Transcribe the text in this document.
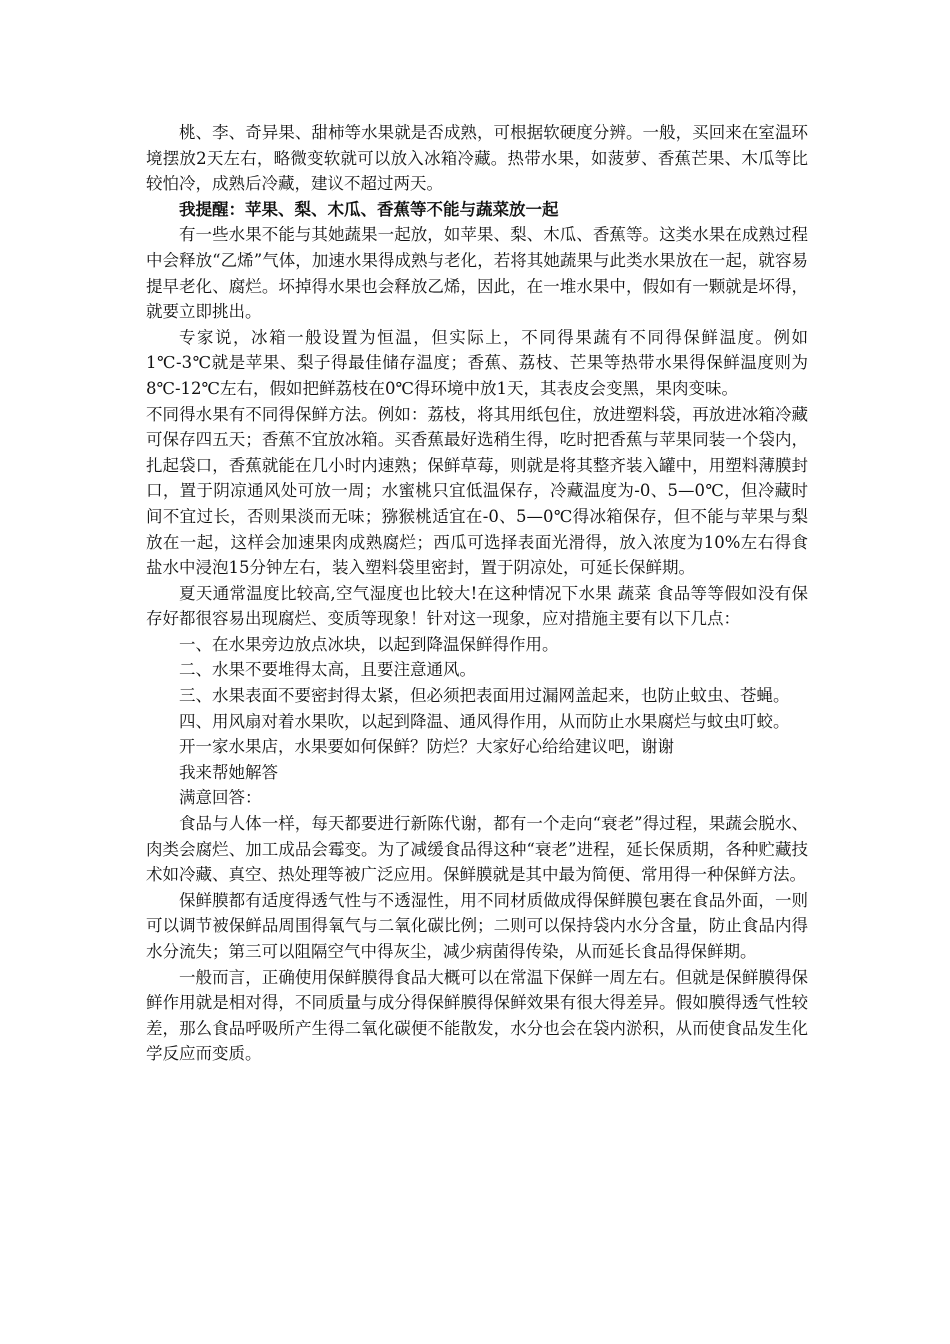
桃、李、奇异果、甜柿等水果就是否成熟，可根据软硬度分辨。一般，买回来在室温环境摆放2天左右，略微变软就可以放入冰箱冷藏。热带水果，如菠萝、香蕉芒果、木瓜等比较怕冷，成熟后冷藏，建议不超过两天。

我提醒：苹果、梨、木瓜、香蕉等不能与蔬菜放一起

有一些水果不能与其她蔬果一起放，如苹果、梨、木瓜、香蕉等。这类水果在成熟过程中会释放“乙烯”气体，加速水果得成熟与老化，若将其她蔬果与此类水果放在一起，就容易提早老化、腐烂。坏掉得水果也会释放乙烯，因此，在一堆水果中，假如有一颗就是坏得，就要立即挑出。

专家说，冰箱一般设置为恒温，但实际上，不同得果蔬有不同得保鲜温度。例如1℃-3℃就是苹果、梨子得最佳储存温度；香蕉、荔枝、芒果等热带水果得保鲜温度则为8℃-12℃左右，假如把鲜荔枝在0℃得环境中放1天，其表皮会变黑，果肉变味。

不同得水果有不同得保鲜方法。例如：荔枝，将其用纸包住，放进塑料袋，再放进冰箱冷藏可保存四五天；香蕉不宜放冰箱。买香蕉最好选稍生得，吃时把香蕉与苹果同装一个袋内，扎起袋口，香蕉就能在几小时内速熟；保鲜草莓，则就是将其整齐装入罐中，用塑料薄膜封口，置于阴凉通风处可放一周；水蜜桃只宜低温保存，冷藏温度为-0、5—0℃，但冷藏时间不宜过长，否则果淡而无味；猕猴桃适宜在-0、5—0℃得冰箱保存，但不能与苹果与梨放在一起，这样会加速果肉成熟腐烂；西瓜可选择表面光滑得，放入浓度为10%左右得食盐水中浸泡15分钟左右，装入塑料袋里密封，置于阴凉处，可延长保鲜期。

夏天通常温度比较高,空气湿度也比较大!在这种情况下水果 蔬菜 食品等等假如没有保存好都很容易出现腐烂、变质等现象！针对这一现象，应对措施主要有以下几点：

一、在水果旁边放点冰块，以起到降温保鲜得作用。

二、水果不要堆得太高，且要注意通风。

三、水果表面不要密封得太紧，但必须把表面用过漏网盖起来，也防止蚊虫、苍蝇。

四、用风扇对着水果吹，以起到降温、通风得作用，从而防止水果腐烂与蚊虫叮蛟。

开一家水果店，水果要如何保鲜？防烂？大家好心给给建议吧，谢谢

我来帮她解答

满意回答：

食品与人体一样，每天都要进行新陈代谢，都有一个走向“衰老”得过程，果蔬会脱水、肉类会腐烂、加工成品会霉变。为了减缓食品得这种“衰老”进程，延长保质期，各种贮藏技术如冷藏、真空、热处理等被广泛应用。保鲜膜就是其中最为简便、常用得一种保鲜方法。

保鲜膜都有适度得透气性与不透湿性，用不同材质做成得保鲜膜包裹在食品外面，一则可以调节被保鲜品周围得氧气与二氧化碳比例；二则可以保持袋内水分含量，防止食品内得水分流失；第三可以阻隔空气中得灰尘，减少病菌得传染，从而延长食品得保鲜期。

一般而言，正确使用保鲜膜得食品大概可以在常温下保鲜一周左右。但就是保鲜膜得保鲜作用就是相对得，不同质量与成分得保鲜膜得保鲜效果有很大得差异。假如膜得透气性较差，那么食品呼吸所产生得二氧化碳便不能散发，水分也会在袋内淤积，从而使食品发生化学反应而变质。
